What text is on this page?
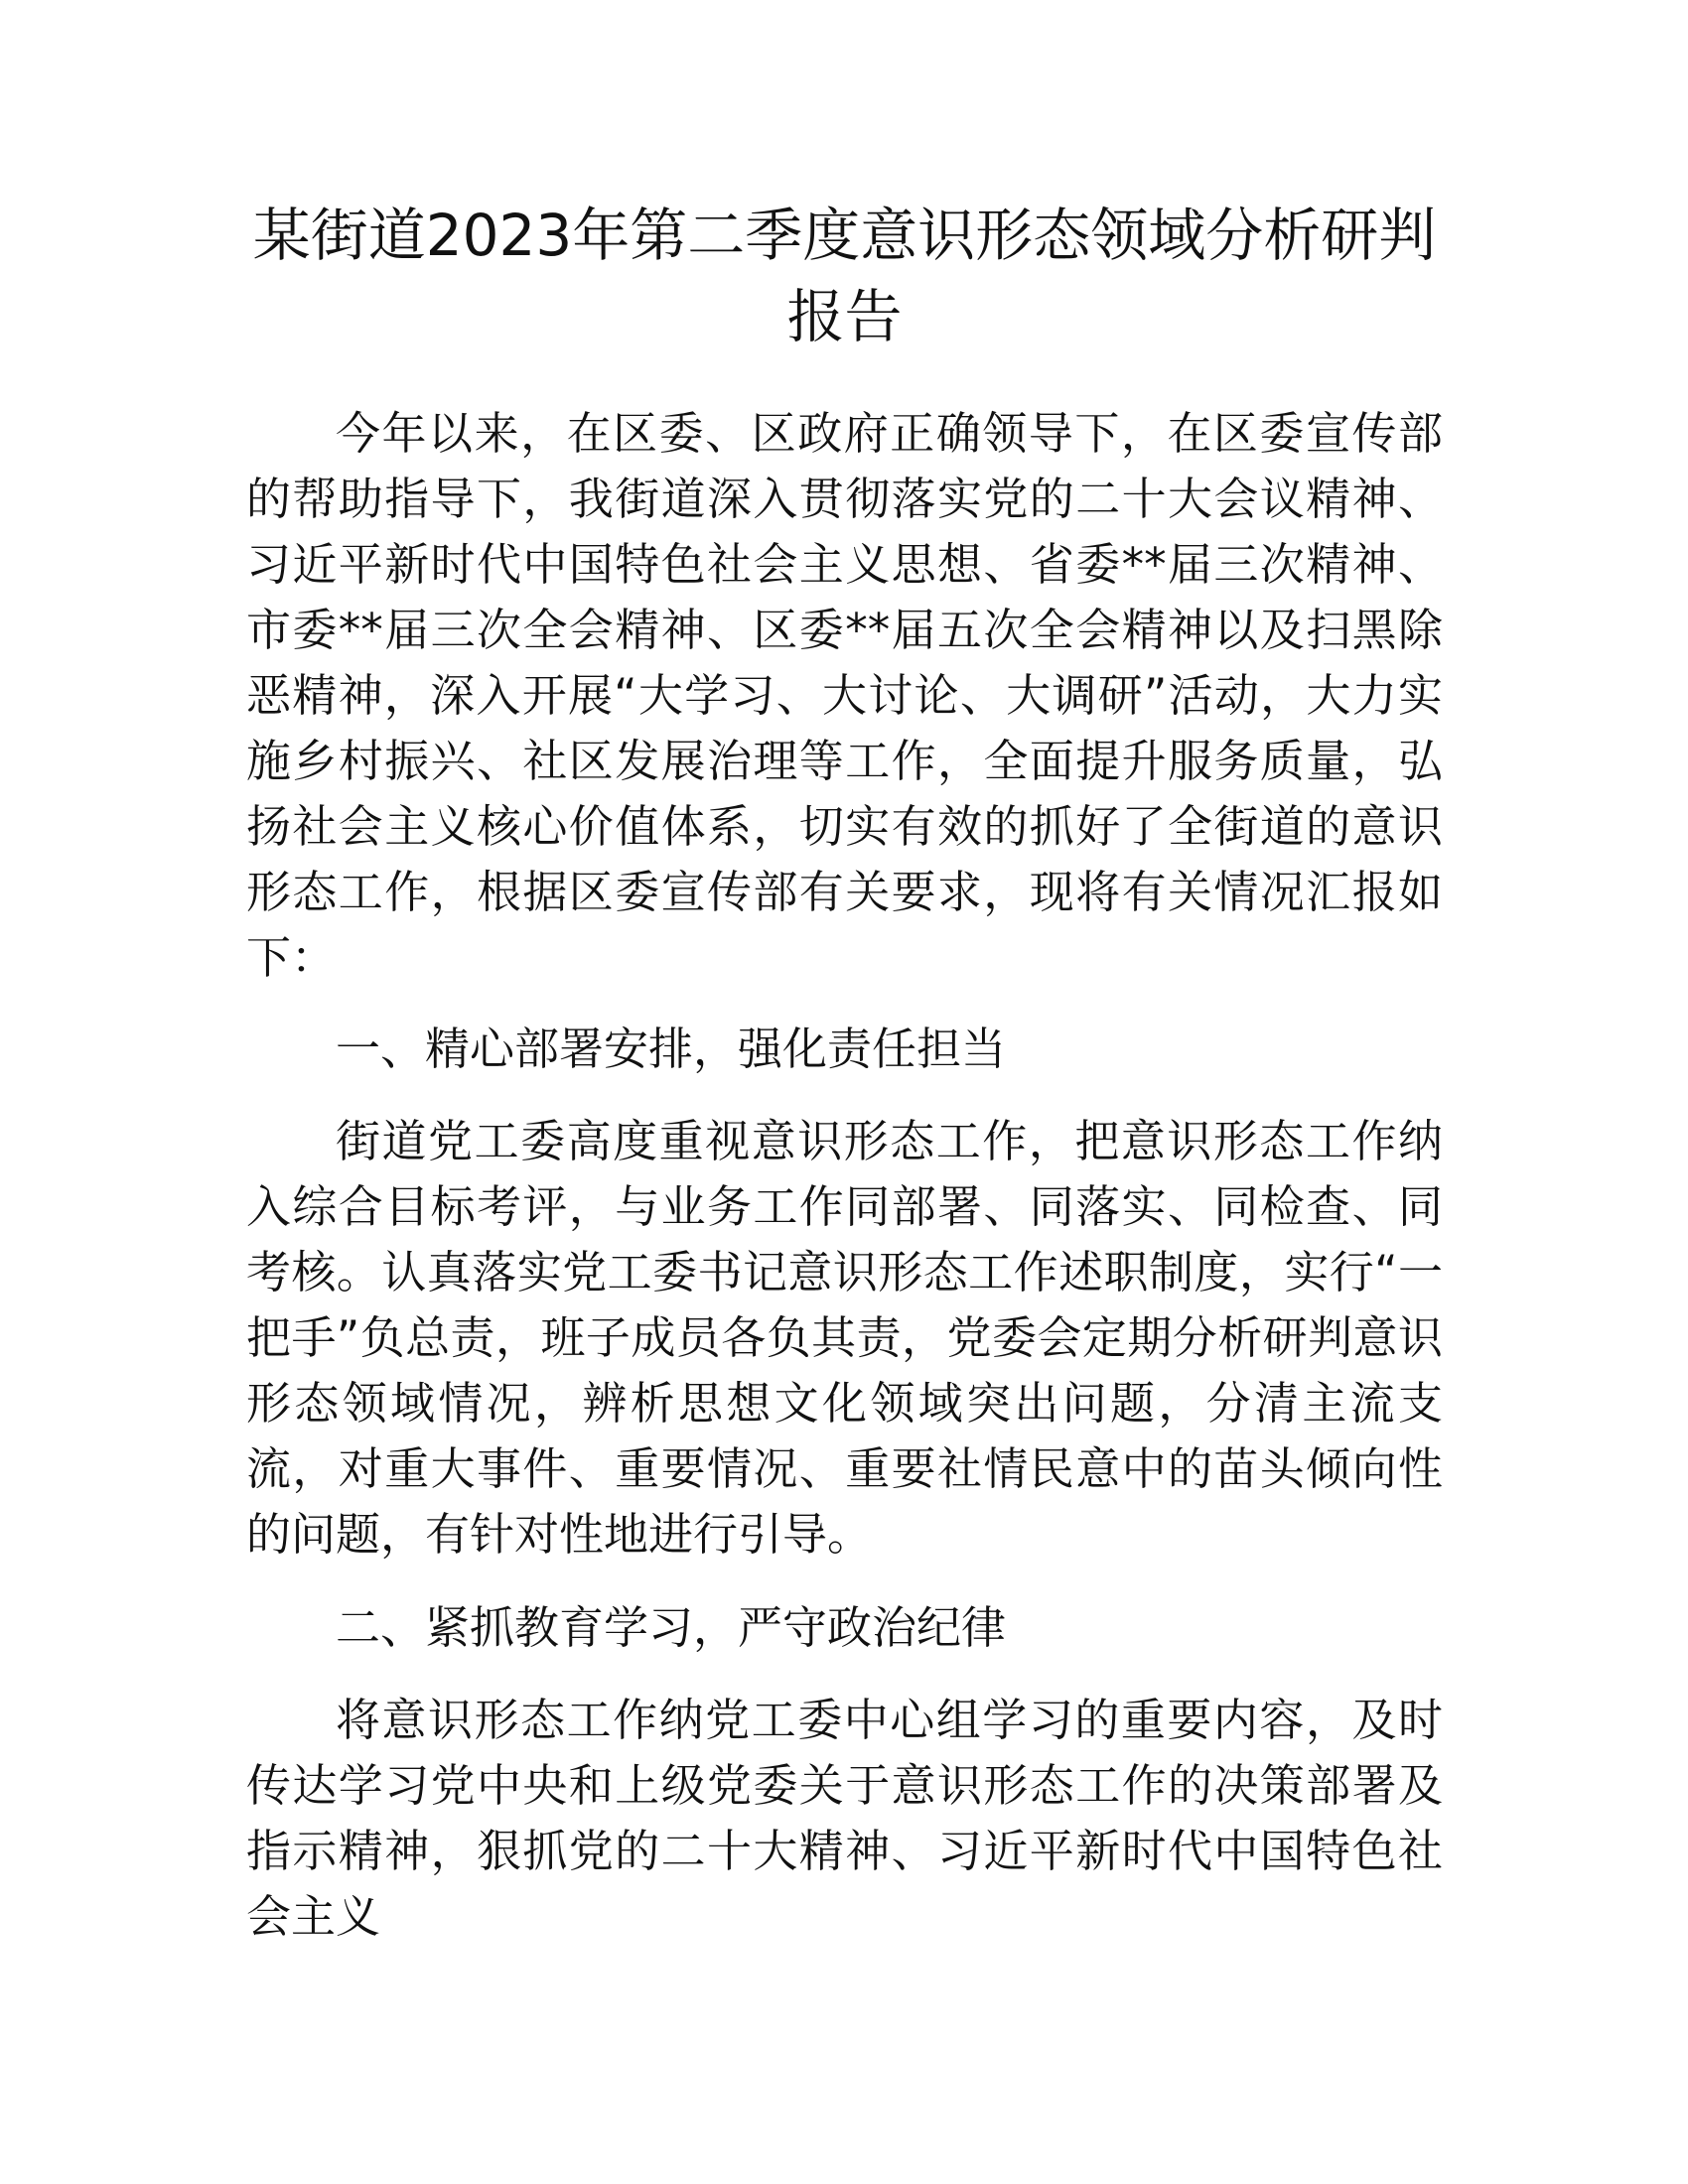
某街道2023年第二季度意识形态领域分析研判
报告

今年以来，在区委、区政府正确领导下，在区委宣传部的帮助指导下，我街道深入贯彻落实党的二十大会议精神、习近平新时代中国特色社会主义思想、省委**届三次精神、市委**届三次全会精神、区委**届五次全会精神以及扫黑除恶精神，深入开展“大学习、大讨论、大调研”活动，大力实施乡村振兴、社区发展治理等工作，全面提升服务质量，弘扬社会主义核心价值体系，切实有效的抓好了全街道的意识形态工作，根据区委宣传部有关要求，现将有关情况汇报如下：

一、精心部署安排，强化责任担当

街道党工委高度重视意识形态工作，把意识形态工作纳入综合目标考评，与业务工作同部署、同落实、同检查、同考核。认真落实党工委书记意识形态工作述职制度，实行“一把手”负总责，班子成员各负其责，党委会定期分析研判意识形态领域情况，辨析思想文化领域突出问题，分清主流支流，对重大事件、重要情况、重要社情民意中的苗头倾向性的问题，有针对性地进行引导。

二、紧抓教育学习，严守政治纪律

将意识形态工作纳党工委中心组学习的重要内容，及时传达学习党中央和上级党委关于意识形态工作的决策部署及指示精神，狠抓党的二十大精神、习近平新时代中国特色社会主义
